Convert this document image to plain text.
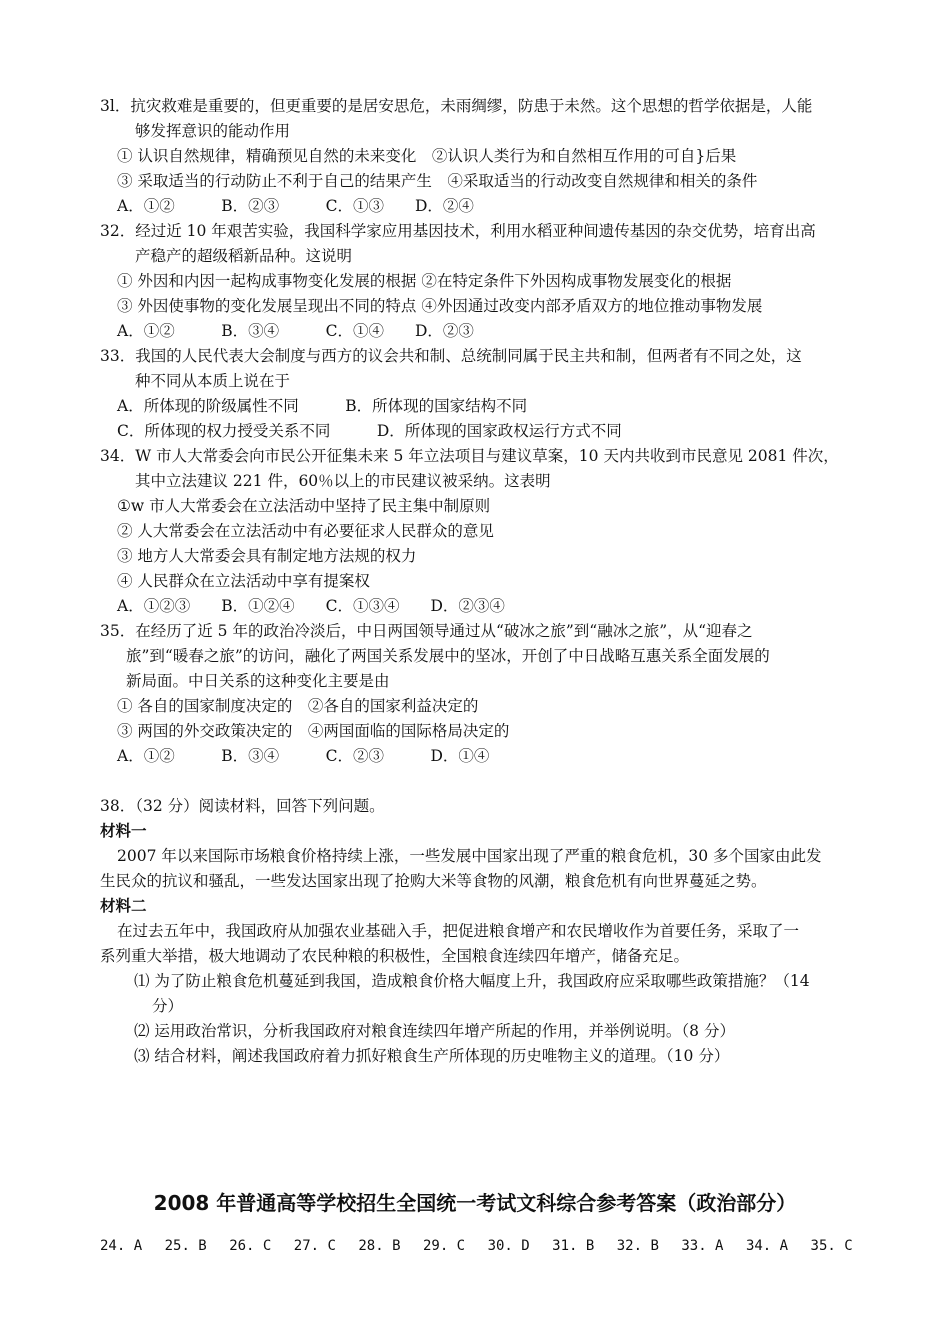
3l．抗灾救难是重要的，但更重要的是居安思危，未雨绸缪，防患于未然。这个思想的哲学依据是，人能
够发挥意识的能动作用
① 认识自然规律，精确预见自然的未来变化　②认识人类行为和自然相互作用的可自}后果
③ 采取适当的行动防止不利于自己的结果产生　④采取适当的行动改变自然规律和相关的条件
A．①②　　　B．②③　　　C．①③　　D．②④
32．经过近 10 年艰苦实验，我国科学家应用基因技术，利用水稻亚种间遗传基因的杂交优势，培育出高
产稳产的超级稻新品种。这说明
① 外因和内因一起构成事物变化发展的根据 ②在特定条件下外因构成事物发展变化的根据
③ 外因使事物的变化发展呈现出不同的特点 ④外因通过改变内部矛盾双方的地位推动事物发展
A．①②　　　B．③④　　　C．①④　　D．②③
33．我国的人民代表大会制度与西方的议会共和制、总统制同属于民主共和制，但两者有不同之处，这
种不同从本质上说在于
A．所体现的阶级属性不同　　　B．所体现的国家结构不同
C．所体现的权力授受关系不同　　　D．所体现的国家政权运行方式不同
34．W 市人大常委会向市民公开征集未来 5 年立法项目与建议草案，10 天内共收到市民意见 2081 件次，
其中立法建议 221 件，60％以上的市民建议被采纳。这表明
①w 市人大常委会在立法活动中坚持了民主集中制原则
② 人大常委会在立法活动中有必要征求人民群众的意见
③ 地方人大常委会具有制定地方法规的权力
④ 人民群众在立法活动中享有提案权
A．①②③　　B．①②④　　C．①③④　　D．②③④
35．在经历了近 5 年的政治冷淡后，中日两国领导通过从“破冰之旅”到“融冰之旅”，从“迎春之
旅”到“暖春之旅”的访问，融化了两国关系发展中的坚冰，开创了中日战略互惠关系全面发展的
新局面。中日关系的这种变化主要是由
① 各自的国家制度决定的　②各自的国家利益决定的
③ 两国的外交政策决定的　④两国面临的国际格局决定的
A．①②　　　B．③④　　　C．②③　　　D．①④
38．（32 分）阅读材料，回答下列问题。
材料一
2007 年以来国际市场粮食价格持续上涨，一些发展中国家出现了严重的粮食危机，30 多个国家由此发
生民众的抗议和骚乱，一些发达国家出现了抢购大米等食物的风潮，粮食危机有向世界蔓延之势。
材料二
在过去五年中，我国政府从加强农业基础入手，把促进粮食增产和农民增收作为首要任务，采取了一
系列重大举措，极大地调动了农民种粮的积极性，全国粮食连续四年增产，储备充足。
⑴ 为了防止粮食危机蔓延到我国，造成粮食价格大幅度上升，我国政府应采取哪些政策措施？（14
分）
⑵ 运用政治常识，分析我国政府对粮食连续四年增产所起的作用，并举例说明。（8 分）
⑶ 结合材料，阐述我国政府着力抓好粮食生产所体现的历史唯物主义的道理。（10 分）
2008 年普通高等学校招生全国统一考试文科综合参考答案（政治部分）
24. A 25. B 26. C 27. C 28. B 29. C 30. D 31. B 32. B 33. A 34. A 35. C
